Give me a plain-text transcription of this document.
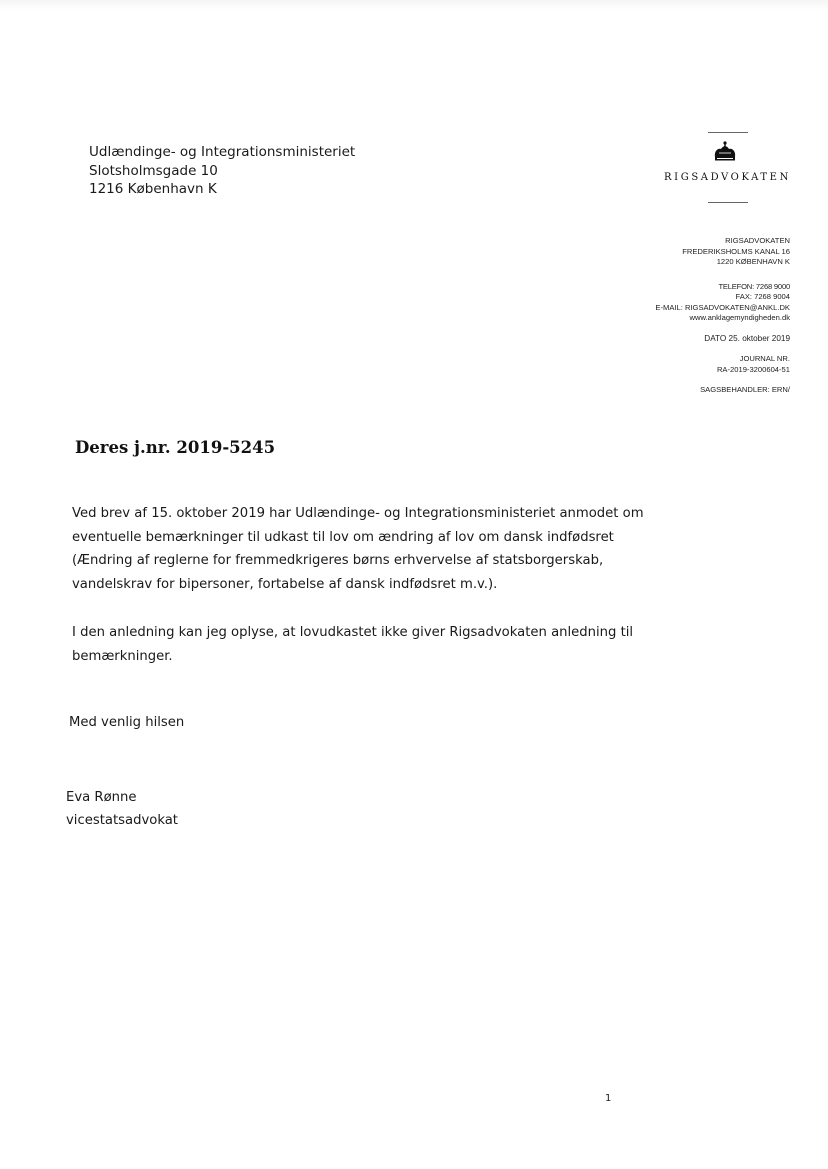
Udlændinge- og Integrationsministeriet
Slotsholmsgade 10
1216 København K
RIGSADVOKATEN
RIGSADVOKATEN
FREDERIKSHOLMS KANAL 16
1220 KØBENHAVN K
TELEFON: 7268 9000
FAX: 7268 9004
E-MAIL: RIGSADVOKATEN@ANKL.DK
www.anklagemyndigheden.dk
DATO 25. oktober 2019
JOURNAL NR.
RA-2019-3200604-51
SAGSBEHANDLER: ERN/
Deres j.nr. 2019-5245
Ved brev af 15. oktober 2019 har Udlændinge- og Integrationsministeriet anmodet om
eventuelle bemærkninger til udkast til lov om ændring af lov om dansk indfødsret
(Ændring af reglerne for fremmedkrigeres børns erhvervelse af statsborgerskab,
vandelskrav for bipersoner, fortabelse af dansk indfødsret m.v.).
I den anledning kan jeg oplyse, at lovudkastet ikke giver Rigsadvokaten anledning til
bemærkninger.
Med venlig hilsen
Eva Rønne
vicestatsadvokat
1
